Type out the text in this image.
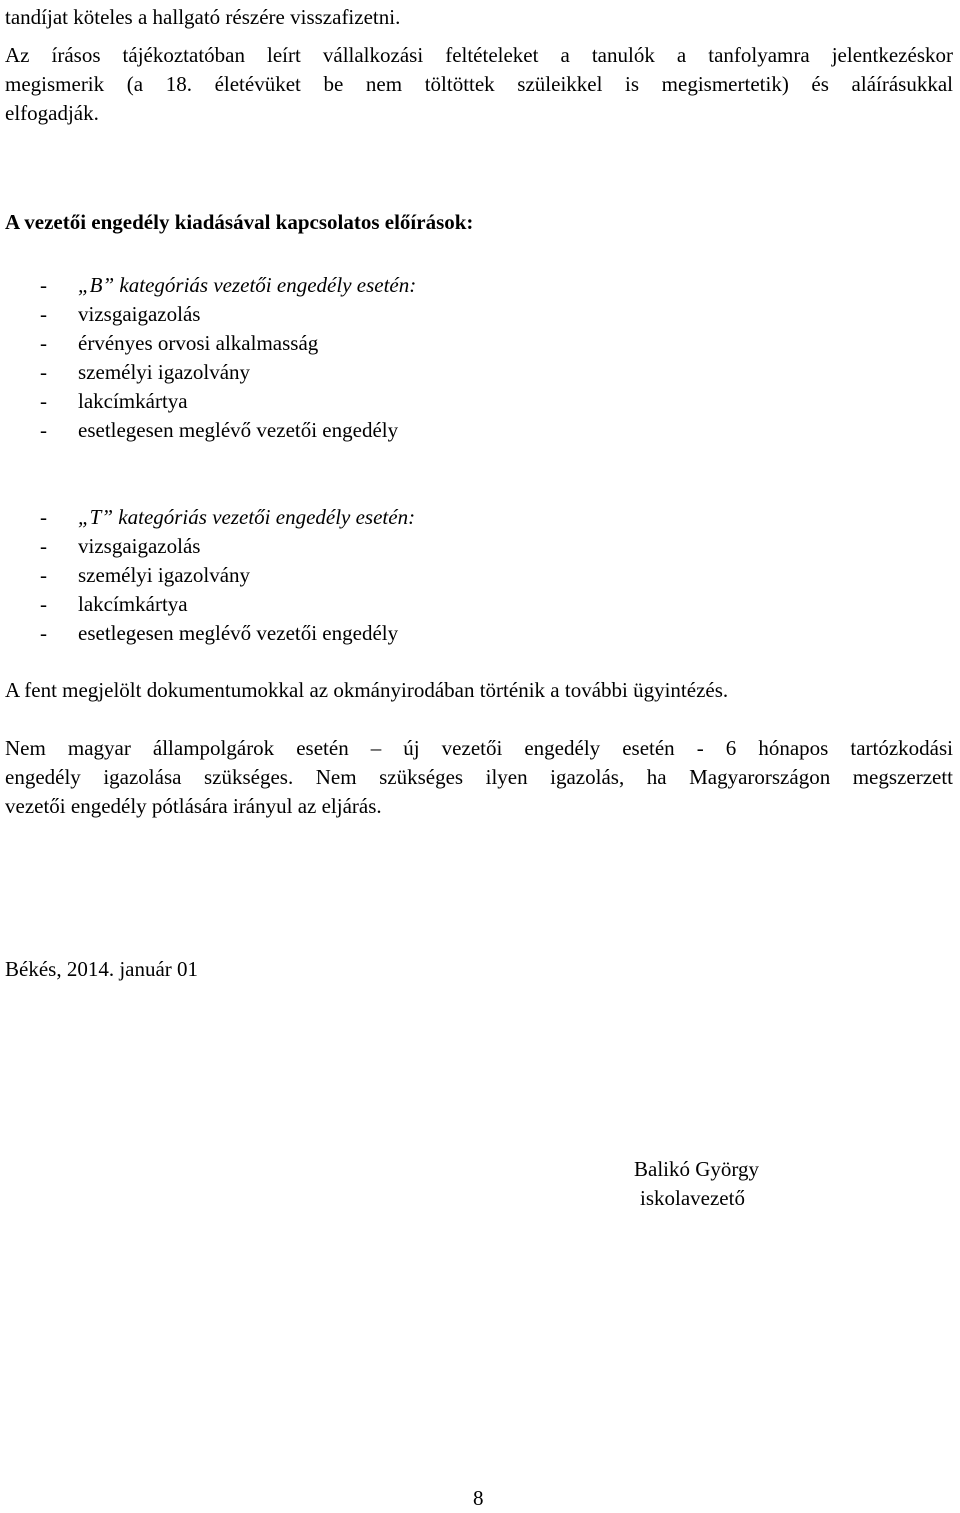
tandíjat köteles a hallgató részére visszafizetni.

Az írásos tájékoztatóban leírt vállalkozási feltételeket a tanulók a tanfolyamra jelentkezéskor

megismerik (a 18. életévüket be nem töltöttek szüleikkel is megismertetik) és aláírásukkal

elfogadják.

A vezetői engedély kiadásával kapcsolatos előírások:

- „B” kategóriás vezetői engedély esetén:

- vizsgaigazolás

- érvényes orvosi alkalmasság

- személyi igazolvány

- lakcímkártya

- esetlegesen meglévő vezetői engedély

- „T” kategóriás vezetői engedély esetén:

- vizsgaigazolás

- személyi igazolvány

- lakcímkártya

- esetlegesen meglévő vezetői engedély

A fent megjelölt dokumentumokkal az okmányirodában történik a további ügyintézés.

Nem magyar állampolgárok esetén – új vezetői engedély esetén - 6 hónapos tartózkodási

engedély igazolása szükséges. Nem szükséges ilyen igazolás, ha Magyarországon megszerzett

vezetői engedély pótlására irányul az eljárás.

Békés, 2014. január 01

Balikó György

iskolavezető

8
